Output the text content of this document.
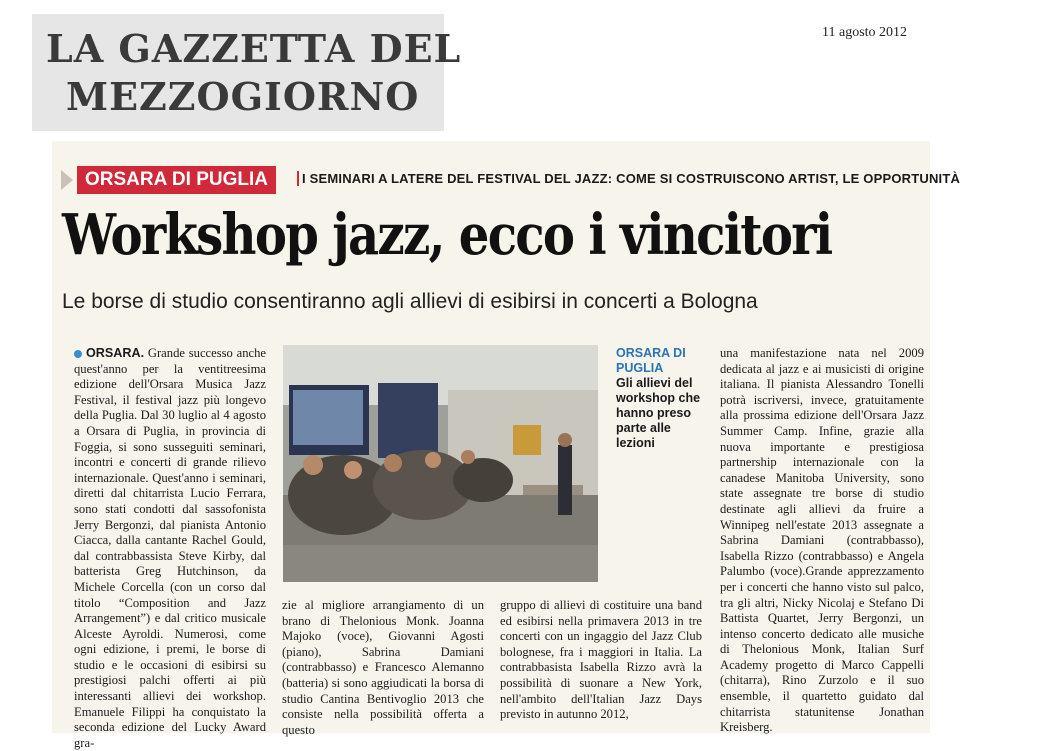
LA GAZZETTA DEL
MEZZOGIORNO
11 agosto 2012
ORSARA DI PUGLIA	I SEMINARI A LATERE DEL FESTIVAL DEL JAZZ: COME SI COSTRUISCONO ARTIST, LE OPPORTUNITÀ
Workshop jazz, ecco i vincitori
Le borse di studio consentiranno agli allievi di esibirsi in concerti a Bologna
ORSARA. Grande successo anche quest'anno per la ventitreesima edizione dell'Orsara Musica Jazz Festival, il festival jazz più longevo della Puglia. Dal 30 luglio al 4 agosto a Orsara di Puglia, in provincia di Foggia, si sono susseguiti seminari, incontri e concerti di grande rilievo internazionale. Quest'anno i seminari, diretti dal chitarrista Lucio Ferrara, sono stati condotti dal sassofonista Jerry Bergonzi, dal pianista Antonio Ciacca, dalla cantante Rachel Gould, dal contrabbassista Steve Kirby, dal batterista Greg Hutchinson, da Michele Corcella (con un corso dal titolo “Composition and Jazz Arrangement”) e dal critico musicale Alceste Ayroldi. Numerosi, come ogni edizione, i premi, le borse di studio e le occasioni di esibirsi su prestigiosi palchi offerti ai più interessanti allievi dei workshop. Emanuele Filippi ha conquistato la seconda edizione del Lucky Award gra-
ORSARA DI PUGLIA
Gli allievi del workshop che hanno preso parte alle lezioni
zie al migliore arrangiamento di un brano di Thelonious Monk. Joanna Majoko (voce), Giovanni Agosti (piano), Sabrina Damiani (contrabbasso) e Francesco Alemanno (batteria) si sono aggiudicati la borsa di studio Cantina Bentivoglio 2013 che consiste nella possibilità offerta a questo
gruppo di allievi di costituire una band ed esibirsi nella primavera 2013 in tre concerti con un ingaggio del Jazz Club bolognese, fra i maggiori in Italia. La contrabbasista Isabella Rizzo avrà la possibilità di suonare a New York, nell'ambito dell'Italian Jazz Days previsto in autunno 2012,
una manifestazione nata nel 2009 dedicata al jazz e ai musicisti di origine italiana. Il pianista Alessandro Tonelli potrà iscriversi, invece, gratuitamente alla prossima edizione dell'Orsara Jazz Summer Camp. Infine, grazie alla nuova importante e prestigiosa partnership internazionale con la canadese Manitoba University, sono state assegnate tre borse di studio destinate agli allievi da fruire a Winnipeg nell'estate 2013 assegnate a Sabrina Damiani (contrabbasso), Isabella Rizzo (contrabbasso) e Angela Palumbo (voce).Grande apprezzamento per i concerti che hanno visto sul palco, tra gli altri, Nicky Nicolaj e Stefano Di Battista Quartet, Jerry Bergonzi, un intenso concerto dedicato alle musiche di Thelonious Monk, Italian Surf Academy progetto di Marco Cappelli (chitarra), Rino Zurzolo e il suo ensemble, il quartetto guidato dal chitarrista statunitense Jonathan Kreisberg.
